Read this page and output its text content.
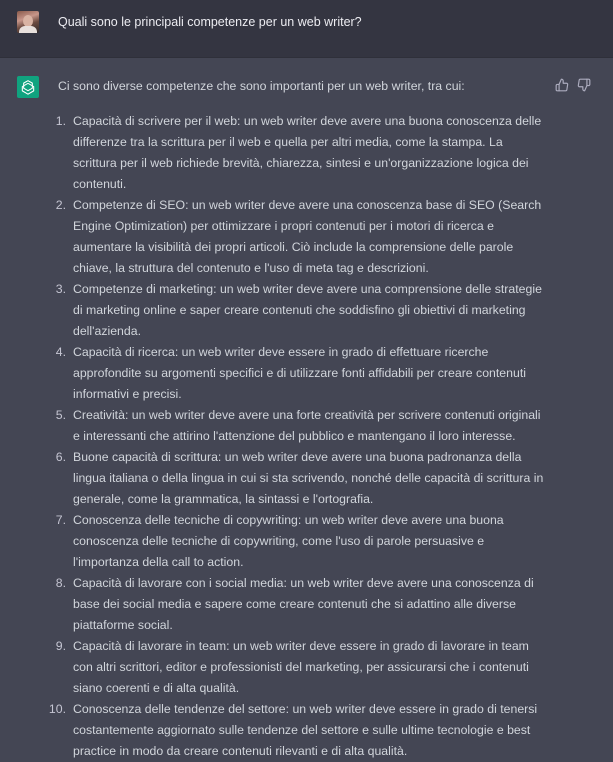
Quali sono le principali competenze per un web writer?
Ci sono diverse competenze che sono importanti per un web writer, tra cui:
1. Capacità di scrivere per il web: un web writer deve avere una buona conoscenza delle differenze tra la scrittura per il web e quella per altri media, come la stampa. La scrittura per il web richiede brevità, chiarezza, sintesi e un'organizzazione logica dei contenuti.
2. Competenze di SEO: un web writer deve avere una conoscenza base di SEO (Search Engine Optimization) per ottimizzare i propri contenuti per i motori di ricerca e aumentare la visibilità dei propri articoli. Ciò include la comprensione delle parole chiave, la struttura del contenuto e l'uso di meta tag e descrizioni.
3. Competenze di marketing: un web writer deve avere una comprensione delle strategie di marketing online e saper creare contenuti che soddisfino gli obiettivi di marketing dell'azienda.
4. Capacità di ricerca: un web writer deve essere in grado di effettuare ricerche approfondite su argomenti specifici e di utilizzare fonti affidabili per creare contenuti informativi e precisi.
5. Creatività: un web writer deve avere una forte creatività per scrivere contenuti originali e interessanti che attirino l'attenzione del pubblico e mantengano il loro interesse.
6. Buone capacità di scrittura: un web writer deve avere una buona padronanza della lingua italiana o della lingua in cui si sta scrivendo, nonché delle capacità di scrittura in generale, come la grammatica, la sintassi e l'ortografia.
7. Conoscenza delle tecniche di copywriting: un web writer deve avere una buona conoscenza delle tecniche di copywriting, come l'uso di parole persuasive e l'importanza della call to action.
8. Capacità di lavorare con i social media: un web writer deve avere una conoscenza di base dei social media e sapere come creare contenuti che si adattino alle diverse piattaforme social.
9. Capacità di lavorare in team: un web writer deve essere in grado di lavorare in team con altri scrittori, editor e professionisti del marketing, per assicurarsi che i contenuti siano coerenti e di alta qualità.
10. Conoscenza delle tendenze del settore: un web writer deve essere in grado di tenersi costantemente aggiornato sulle tendenze del settore e sulle ultime tecnologie e best practice in modo da creare contenuti rilevanti e di alta qualità.
